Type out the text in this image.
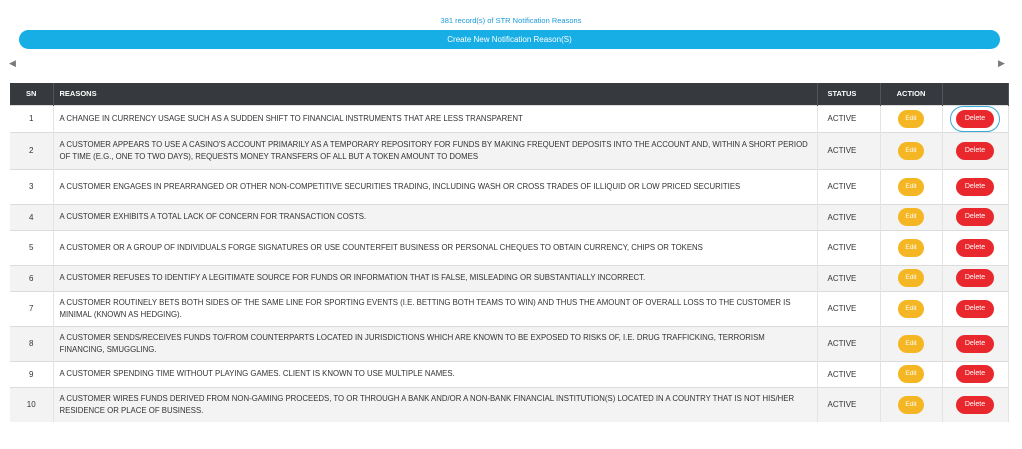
381 record(s) of STR Notification Reasons
Create New Notification Reason(S)
◀	▶
SN	REASONS	STATUS	ACTION	
1	A CHANGE IN CURRENCY USAGE SUCH AS A SUDDEN SHIFT TO FINANCIAL INSTRUMENTS THAT ARE LESS TRANSPARENT	ACTIVE	Edit	Delete
2	A CUSTOMER APPEARS TO USE A CASINO'S ACCOUNT PRIMARILY AS A TEMPORARY REPOSITORY FOR FUNDS BY MAKING FREQUENT DEPOSITS INTO THE ACCOUNT AND, WITHIN A SHORT PERIOD OF TIME (E.G., ONE TO TWO DAYS), REQUESTS MONEY TRANSFERS OF ALL BUT A TOKEN AMOUNT TO DOMES	ACTIVE	Edit	Delete
3	A CUSTOMER ENGAGES IN PREARRANGED OR OTHER NON-COMPETITIVE SECURITIES TRADING, INCLUDING WASH OR CROSS TRADES OF ILLIQUID OR LOW PRICED SECURITIES	ACTIVE	Edit	Delete
4	A CUSTOMER EXHIBITS A TOTAL LACK OF CONCERN FOR TRANSACTION COSTS.	ACTIVE	Edit	Delete
5	A CUSTOMER OR A GROUP OF INDIVIDUALS FORGE SIGNATURES OR USE COUNTERFEIT BUSINESS OR PERSONAL CHEQUES TO OBTAIN CURRENCY, CHIPS OR TOKENS	ACTIVE	Edit	Delete
6	A CUSTOMER REFUSES TO IDENTIFY A LEGITIMATE SOURCE FOR FUNDS OR INFORMATION THAT IS FALSE, MISLEADING OR SUBSTANTIALLY INCORRECT.	ACTIVE	Edit	Delete
7	A CUSTOMER ROUTINELY BETS BOTH SIDES OF THE SAME LINE FOR SPORTING EVENTS (I.E. BETTING BOTH TEAMS TO WIN) AND THUS THE AMOUNT OF OVERALL LOSS TO THE CUSTOMER IS MINIMAL (KNOWN AS HEDGING).	ACTIVE	Edit	Delete
8	A CUSTOMER SENDS/RECEIVES FUNDS TO/FROM COUNTERPARTS LOCATED IN JURISDICTIONS WHICH ARE KNOWN TO BE EXPOSED TO RISKS OF, I.E. DRUG TRAFFICKING, TERRORISM FINANCING, SMUGGLING.	ACTIVE	Edit	Delete
9	A CUSTOMER SPENDING TIME WITHOUT PLAYING GAMES. CLIENT IS KNOWN TO USE MULTIPLE NAMES.	ACTIVE	Edit	Delete
10	A CUSTOMER WIRES FUNDS DERIVED FROM NON-GAMING PROCEEDS, TO OR THROUGH A BANK AND/OR A NON-BANK FINANCIAL INSTITUTION(S) LOCATED IN A COUNTRY THAT IS NOT HIS/HER RESIDENCE OR PLACE OF BUSINESS.	ACTIVE	Edit	Delete
